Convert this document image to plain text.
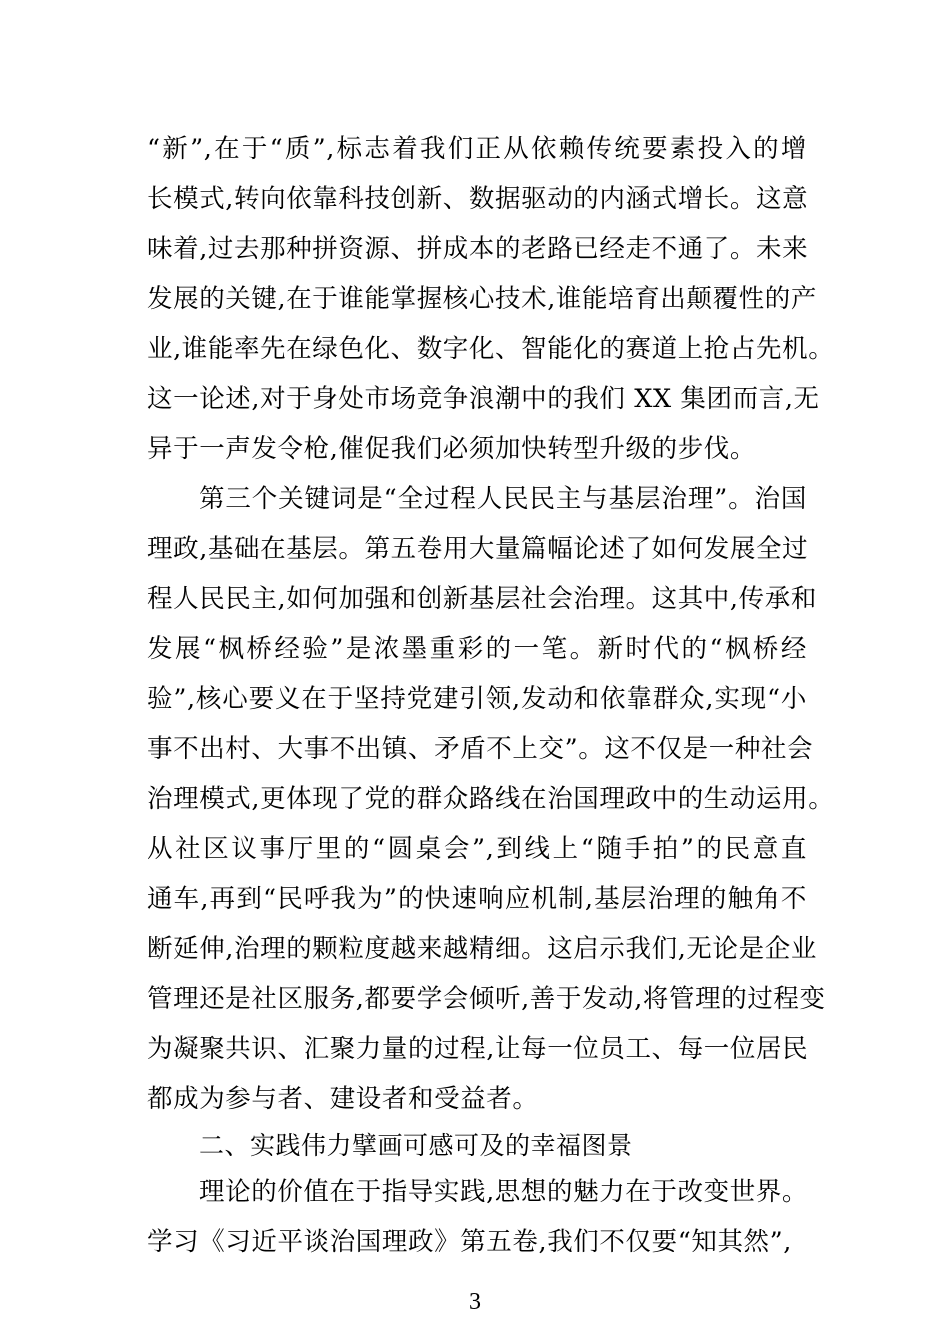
“新”,在于“质”,标志着我们正从依赖传统要素投入的增
长模式,转向依靠科技创新、数据驱动的内涵式增长。这意
味着,过去那种拼资源、拼成本的老路已经走不通了。未来
发展的关键,在于谁能掌握核心技术,谁能培育出颠覆性的产
业,谁能率先在绿色化、数字化、智能化的赛道上抢占先机。
这一论述,对于身处市场竞争浪潮中的我们 XX 集团而言,无
异于一声发令枪,催促我们必须加快转型升级的步伐。
第三个关键词是“全过程人民民主与基层治理”。治国
理政,基础在基层。第五卷用大量篇幅论述了如何发展全过
程人民民主,如何加强和创新基层社会治理。这其中,传承和
发展“枫桥经验”是浓墨重彩的一笔。新时代的“枫桥经
验”,核心要义在于坚持党建引领,发动和依靠群众,实现“小
事不出村、大事不出镇、矛盾不上交”。这不仅是一种社会
治理模式,更体现了党的群众路线在治国理政中的生动运用。
从社区议事厅里的“圆桌会”,到线上“随手拍”的民意直
通车,再到“民呼我为”的快速响应机制,基层治理的触角不
断延伸,治理的颗粒度越来越精细。这启示我们,无论是企业
管理还是社区服务,都要学会倾听,善于发动,将管理的过程变
为凝聚共识、汇聚力量的过程,让每一位员工、每一位居民
都成为参与者、建设者和受益者。
二、实践伟力擘画可感可及的幸福图景
理论的价值在于指导实践,思想的魅力在于改变世界。
学习《习近平谈治国理政》第五卷,我们不仅要“知其然”,
3
